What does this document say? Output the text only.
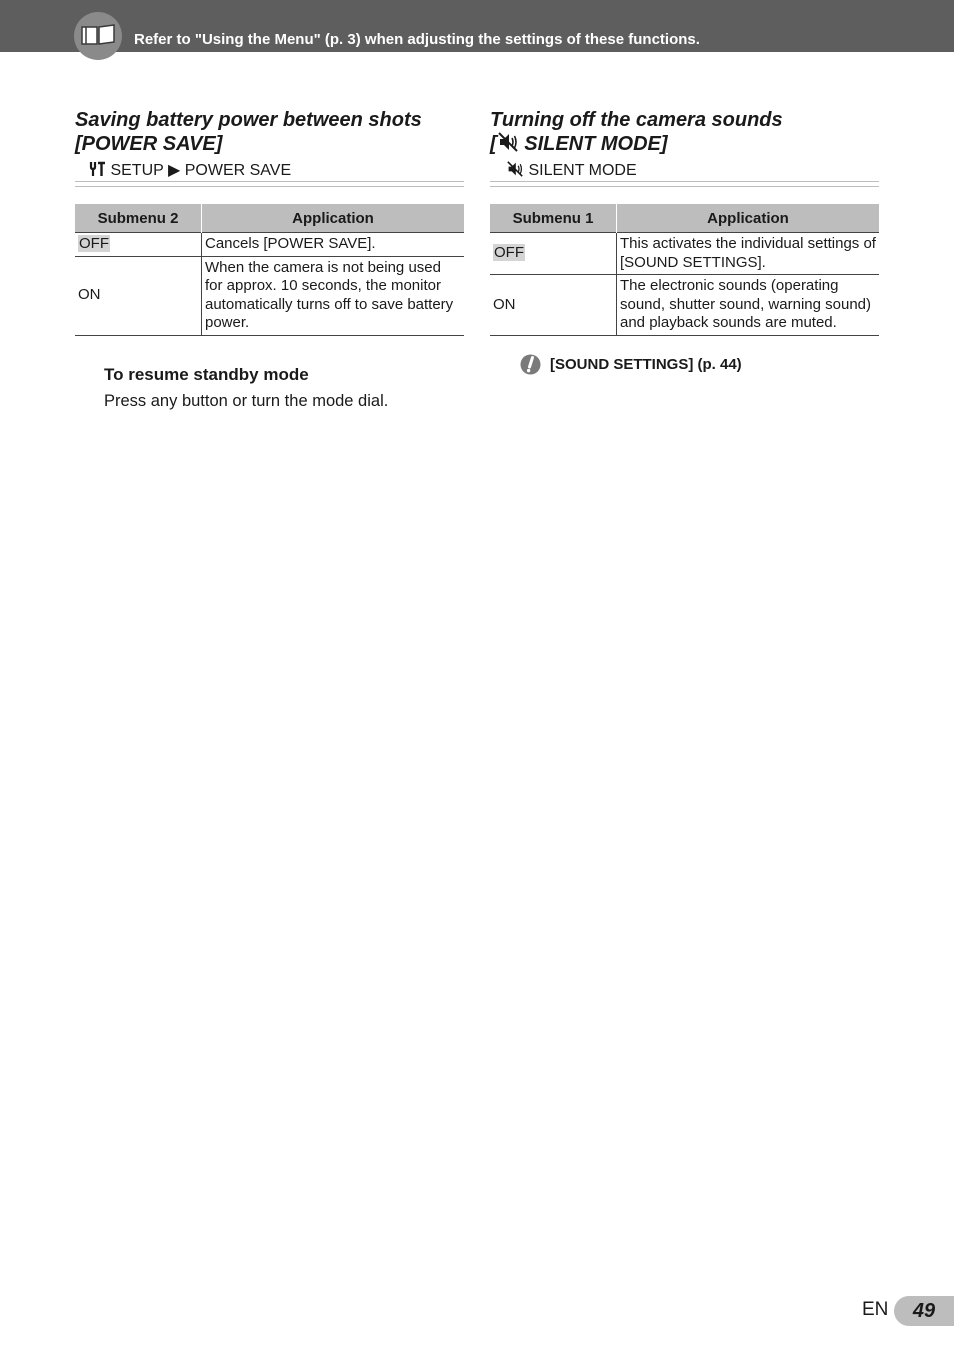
Refer to "Using the Menu" (p. 3) when adjusting the settings of these functions.
Saving battery power between shots
[POWER SAVE]
SETUP ▶ POWER SAVE
Submenu 2	Application
OFF	Cancels [POWER SAVE].
ON	When the camera is not being used for approx. 10 seconds, the monitor automatically turns off to save battery power.
To resume standby mode
Press any button or turn the mode dial.
Turning off the camera sounds
[ SILENT MODE]
SILENT MODE
Submenu 1	Application
OFF	This activates the individual settings of [SOUND SETTINGS].
ON	The electronic sounds (operating sound, shutter sound, warning sound) and playback sounds are muted.
[SOUND SETTINGS] (p. 44)
EN	49
